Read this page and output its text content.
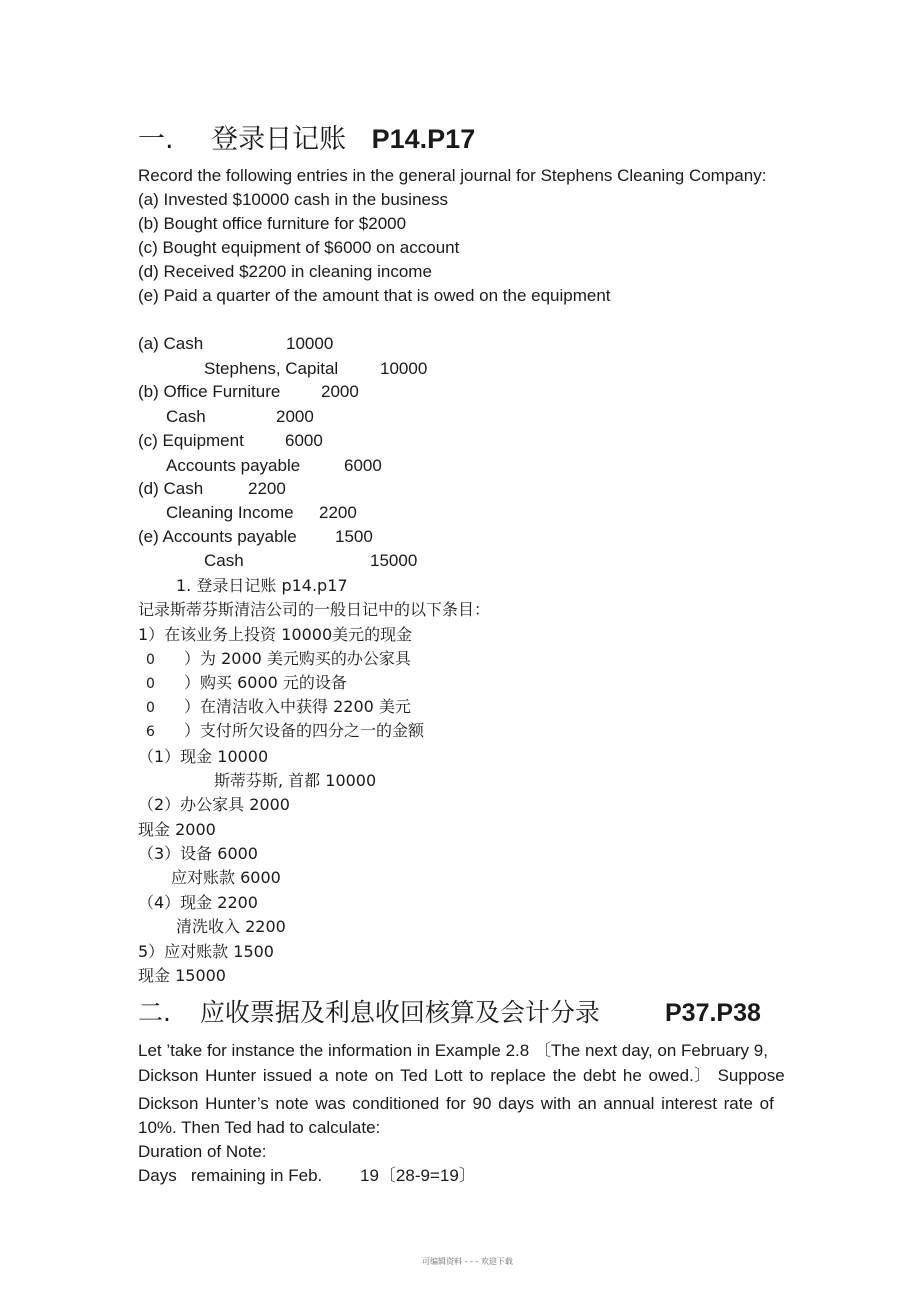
一. 登录日记账 P14.P17
Record the following entries in the general journal for Stephens Cleaning Company:
(a) Invested $10000 cash in the business
(b) Bought office furniture for $2000
(c) Bought equipment of $6000 on account
(d) Received $2200 in cleaning income
(e) Paid a quarter of the amount that is owed on the equipment
(a) Cash	10000
Stephens, Capital 10000
(b) Office Furniture 2000
Cash	2000
(c) Equipment 6000
Accounts payable	6000
(d) Cash	2200
Cleaning Income 2200
(e) Accounts payable 1500
Cash	15000
1. 登录日记账 p14.p17
记录斯蒂芬斯清洁公司的一般日记中的以下条目：
1）在该业务上投资 10000美元的现金
0 ）为 2000 美元购买的办公家具
0 ）购买 6000 元的设备
0 ）在清洁收入中获得 2200 美元
6 ）支付所欠设备的四分之一的金额
（1）现金 10000
斯蒂芬斯, 首都 10000
（2）办公家具 2000
现金 2000
（3）设备 6000
应对账款 6000
（4）现金 2200
清洗收入 2200
5）应对账款 1500
现金 15000
二. 应收票据及利息收回核算及会计分录	P37.P38
Let ’take for instance the information in Example 2.8 〔The next day, on February 9,
Dickson Hunter issued a note on Ted Lott to replace the debt he owed.〕 Suppose
Dickson Hunter’s note was conditioned for 90 days with an annual interest rate of
10%. Then Ted had to calculate:
Duration of Note:
Days   remaining in Feb. 19〔28-9=19〕
可编辑资料 - - - 欢迎下载
